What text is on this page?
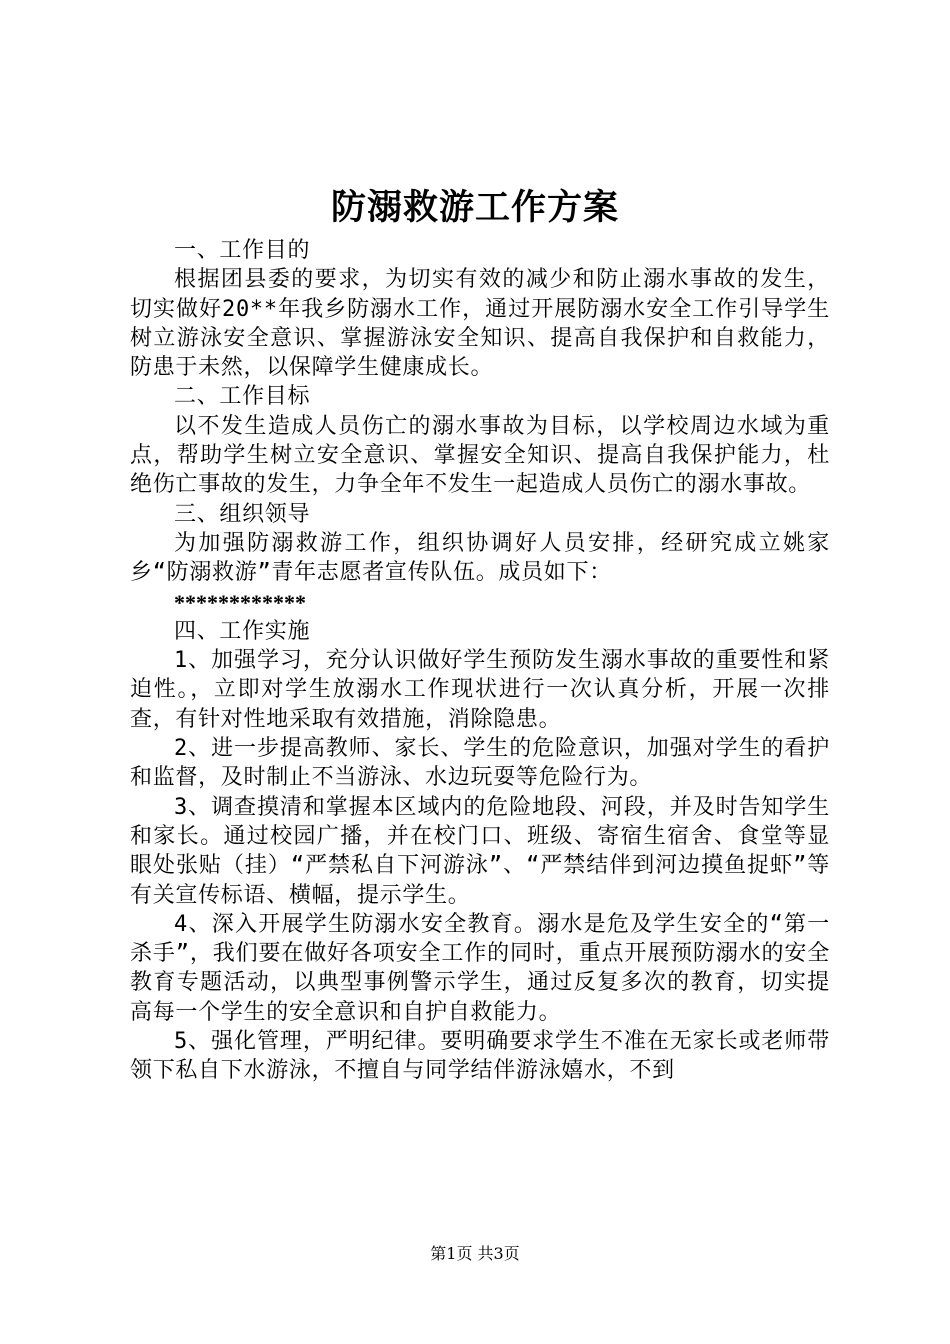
防溺救游工作方案

一、工作目的

根据团县委的要求，为切实有效的减少和防止溺水事故的发生，切实做好20**年我乡防溺水工作，通过开展防溺水安全工作引导学生树立游泳安全意识、掌握游泳安全知识、提高自我保护和自救能力，防患于未然，以保障学生健康成长。

二、工作目标

以不发生造成人员伤亡的溺水事故为目标，以学校周边水域为重点，帮助学生树立安全意识、掌握安全知识、提高自我保护能力，杜绝伤亡事故的发生，力争全年不发生一起造成人员伤亡的溺水事故。

三、组织领导

为加强防溺救游工作，组织协调好人员安排，经研究成立姚家乡“防溺救游”青年志愿者宣传队伍。成员如下：

************

四、工作实施

1、加强学习，充分认识做好学生预防发生溺水事故的重要性和紧迫性。，立即对学生放溺水工作现状进行一次认真分析，开展一次排查，有针对性地采取有效措施，消除隐患。

2、进一步提高教师、家长、学生的危险意识，加强对学生的看护和监督，及时制止不当游泳、水边玩耍等危险行为。

3、调查摸清和掌握本区域内的危险地段、河段，并及时告知学生和家长。通过校园广播，并在校门口、班级、寄宿生宿舍、食堂等显眼处张贴（挂）“严禁私自下河游泳”、“严禁结伴到河边摸鱼捉虾”等有关宣传标语、横幅，提示学生。

4、深入开展学生防溺水安全教育。溺水是危及学生安全的“第一杀手”，我们要在做好各项安全工作的同时，重点开展预防溺水的安全教育专题活动，以典型事例警示学生，通过反复多次的教育，切实提高每一个学生的安全意识和自护自救能力。

5、强化管理，严明纪律。要明确要求学生不准在无家长或老师带领下私自下水游泳，不擅自与同学结伴游泳嬉水，不到

第1页 共3页
